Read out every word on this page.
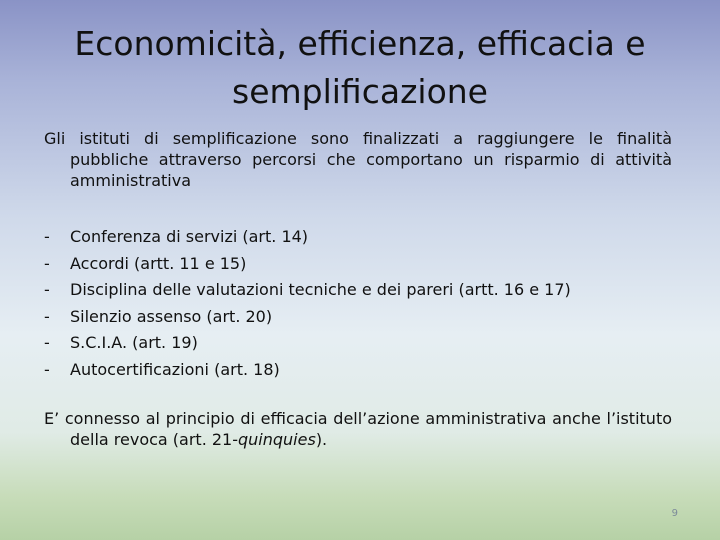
Economicità, efficienza, efficacia e semplificazione
Gli istituti di semplificazione sono finalizzati a raggiungere le finalità pubbliche attraverso percorsi che comportano un risparmio di attività amministrativa
- Conferenza di servizi (art. 14)
- Accordi (artt. 11 e 15)
- Disciplina delle valutazioni tecniche e dei pareri (artt. 16 e 17)
- Silenzio assenso (art. 20)
- S.C.I.A. (art. 19)
- Autocertificazioni (art. 18)
E’ connesso al principio di efficacia dell’azione amministrativa anche l’istituto della revoca (art. 21-quinquies).
9
